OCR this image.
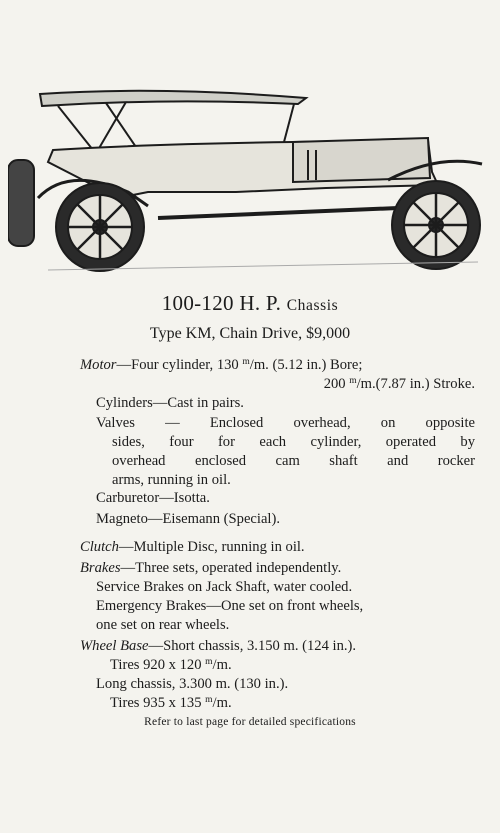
100-120 H. P. Chassis
Type KM, Chain Drive, $9,000
Motor—Four cylinder, 130 $^m$/m. (5.12 in.) Bore;
200 $^m$/m.(7.87 in.) Stroke.
Cylinders—Cast in pairs.
Valves — Enclosed overhead, on opposite
sides, four for each cylinder, operated by
overhead enclosed cam shaft and rocker
arms, running in oil.
Carburetor—Isotta.
Magneto—Eisemann (Special).
Clutch—Multiple Disc, running in oil.
Brakes—Three sets, operated independently.
Service Brakes on Jack Shaft, water cooled.
Emergency Brakes—One set on front wheels,
one set on rear wheels.
Wheel Base—Short chassis, 3.150 m. (124 in.).
Tires 920 x 120 $^m$/m.
Long chassis, 3.300 m. (130 in.).
Tires 935 x 135 $^m$/m.
Refer to last page for detailed specifications
